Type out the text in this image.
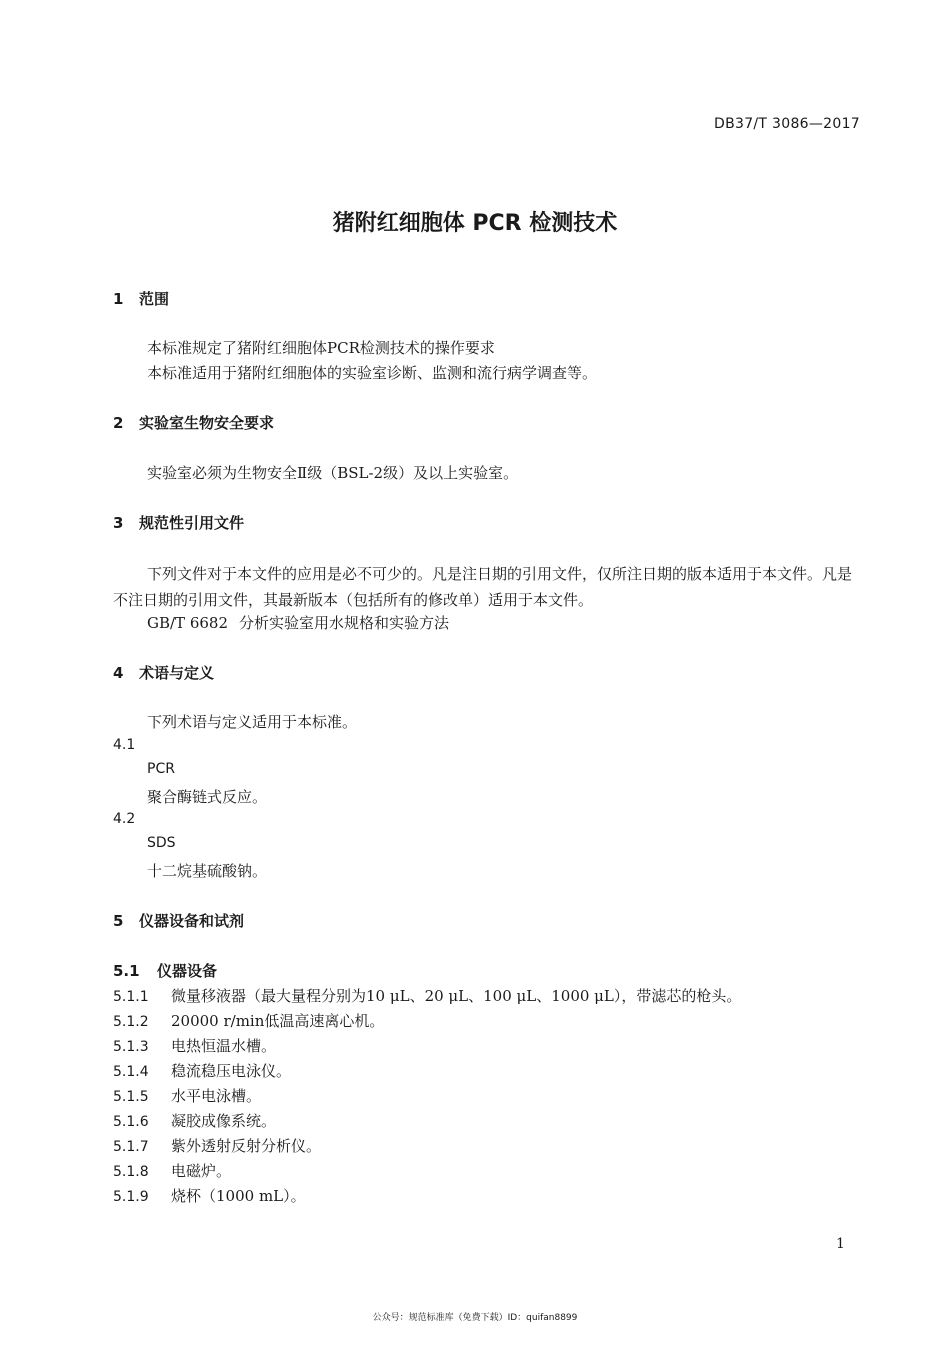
DB37/T 3086—2017
猪附红细胞体 PCR 检测技术
1 范围
本标准规定了猪附红细胞体PCR检测技术的操作要求
本标准适用于猪附红细胞体的实验室诊断、监测和流行病学调查等。
2 实验室生物安全要求
实验室必须为生物安全Ⅱ级（BSL-2级）及以上实验室。
3 规范性引用文件
下列文件对于本文件的应用是必不可少的。凡是注日期的引用文件，仅所注日期的版本适用于本文件。凡是不注日期的引用文件，其最新版本（包括所有的修改单）适用于本文件。
GB/T 6682 分析实验室用水规格和实验方法
4 术语与定义
下列术语与定义适用于本标准。
4.1
PCR
聚合酶链式反应。
4.2
SDS
十二烷基硫酸钠。
5 仪器设备和试剂
5.1 仪器设备
5.1.1 微量移液器（最大量程分别为10 μL、20 μL、100 μL、1000 μL），带滤芯的枪头。
5.1.2 20000 r/min低温高速离心机。
5.1.3 电热恒温水槽。
5.1.4 稳流稳压电泳仪。
5.1.5 水平电泳槽。
5.1.6 凝胶成像系统。
5.1.7 紫外透射反射分析仪。
5.1.8 电磁炉。
5.1.9 烧杯（1000 mL）。
1
公众号：规范标准库（免费下载）ID：quifan8899
